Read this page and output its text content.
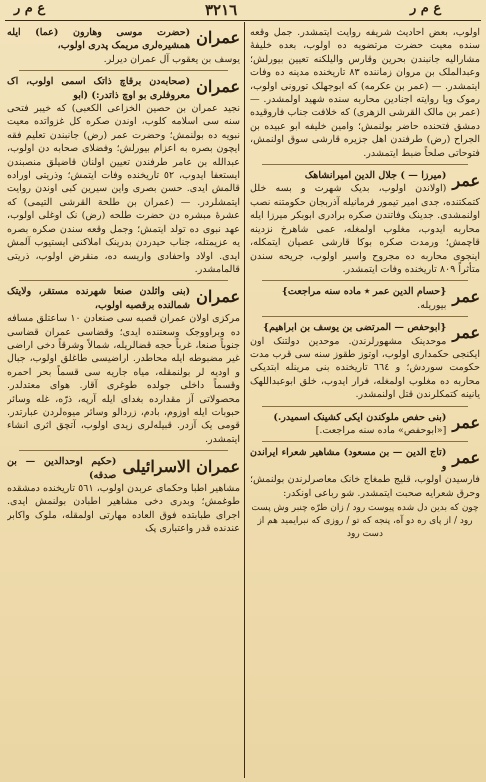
ع م ر	٣٢١٦	ع م ر
اولوب، بعض احادیث شریفه روایت ایتمشدر. جمل وقعه سنده معیت حضرت مرتضویه ده اولوب، بعده خلیفهٔ مشارالیه جانبندن بحرین وقارس والیلکنه تعیین بیورلش؛ وعبدالملک بن مروان زماننده ٨٣ تاریخنده مدینه ده وفات ایتمشدر. — (عمر بن عکرمه) که ابوجهلک تورونی اولوب، رموک ویا روایته اجنادین محاربه سنده شهید اولمشدر. — (عمر بن مالک القرشی الزهری) که خلافت جناب فاروقیده دمشق فتحنده حاضر بولنمش؛ وامین خلیفه ابو عبیده بن الجراح (رض) طرفندن اهل جزیره قارشی سوق اولنمش، فتوحاتی صلحاً ضبط ایتمشدر.
عمر
(میرزا — ) جلال الدین امیرانشاهک
(اولاندن اولوب، بدیک شهرت و بسه خلل کتمکتنده، جدی امیر تیمور فرمانیله آذربجان حکومتنه نصب اولنمشدی. جدینک وفاتندن صکره برادری ابوبکر میرزا ایله محاربه ایدوب، مغلوب اولمغله، عمی شاهرخ نزدینه قاچمش؛ ورمدت صکره بوکا قارشی عصیان ایتمکله، اینجوی محاربه ده مجروح واسیر اولوب، جریحه سندن متأثراً ٨٠٩ تاریخنده وفات ایتمشدر.
عمر
{حسام الدین عمر ٭ ماده سنه مراجعت}
بیوریله.
عمر
{ابوحفص — المرتضی بن یوسف بن ابراهیم}
موحدینک مشهورلرندن. موحدین دولتنک اون ایکنجی حکمداری اولوب، اوتوز طقوز سنه سی قرب مدت حکومت سوردش؛ و ٦٦٤ تاریخنده بنی مرینله ابتدیکی محاربه ده مغلوب اولمغله، فرار ایدوب، خلق ابوعبداللهک یانینه کتمکلرندن قتل اولنمشدر.
عمر
(بنی حفص ملوکندن ایکی کشینک اسمیدر.)
[«ابوحفص» ماده سنه مراجعت.]
عمر
(تاج الدین — بن مسعود) مشاهیر شعراء ایراندن و
فارسیدن اولوب، قلیج طمغاج خانک معاصرلرندن بولنمش؛ وحرق شعرایه صحبت ایتمشدر. شو رباعی اونکدر:
چون که بدین دل شده پیوست رود / زان طرّه چنبر وش پست رود / از پای ره دو آه، پنجه که تو / روزی که نبرایمید هم از دست رود
عمران
(حضرت موسی وهارون (عما) ایله همشیره‌لری مریمک پدری اولوب،
یوسف بن یعقوب آل عمران دیرلر.
عمران
(صحابه‌دن برقاچ ذاتک اسمی اولوب، اک معروفلری بو اوچ ذاتدر:) (ابو
نجید عمران بن حصین الخزاعی الکعبی) که خیبر فتحی سنه سی اسلامه کلوب، اوندن صکره کل غزواتده معیت نبویه ده بولنمش؛ وحضرت عمر (رض) جانبندن تعلیم فقه ایچون بصره به اعزام بیورلش؛ وفضلای صحابه دن اولوب، عبدالله بن عامر طرفندن تعیین اولنان قاضیلق منصبندن ایستعفا ایدوب، ٥٢ تاریخنده وفات ایتمش؛ وذریتی اوراده قالمش ایدی. حسن بصری واین سیرین کبی اوندن روایت ایتمشلردر. — (عمران بن طلحة القرشی التیمی) که عشرهٔ مبشره دن حضرت طلحه (رض) نک اوغلی اولوب، عهد نبوی ده تولد ایتمش؛ وجمل وقعه سندن صکره بصره یه عزیمتله، جناب حیدردن بدرینک املاکنی ایستیوب آلمش ایدی. اولاد واحفادی واریسه ده، منقرض اولوب، ذریتی قالمامشدر.
عمران
(بنی واثلدن صنعا شهرنده مستقر، ولایتک شمالنده برقصبه اولوب،
مرکزی اولان عمران قصبه سی صنعادن ١٠ ساعتلق مسافه ده وبراووجک وسعتنده ایدی؛ وقضاسی عمران قضاسی جنوباً صنعا، غرباً حجه قضالریله، شمالاً وشرقاً دخی اراضی غیر مضبوطه ایله محاطدر. اراضیسی طاغلق اولوب، جبال و اودیه لر بولنمقله، میاه جاریه سی قسماً بحر احمره وقسماً داخلی جولده طوغری آقار. هوای معتدلدر. محصولاتی آز مقدارده بغدای ایله آرپه، ذرّه، غله وسائر حبوبات ایله اوزوم، بادم، زردالو وسائر میوه‌لردن عبارتدر. قومی یک آزدر. قبیله‌لری زیدی اولوب، آتچق اثری انشاء ایتمشدر.
عمران الاسرائیلی
(حکیم اوحدالدین — بن صدقه)
مشاهیر اطبا وحکمای عربدن اولوب، ٥٦١ تاریخنده دمشقده طوغمش؛ وبدری دخی مشاهیر اطبادن بولنمش ایدی. اجرای طبابتده فوق العاده مهارتی اولمقله، ملوک واکابر عندنده قدر واعتباری پک
